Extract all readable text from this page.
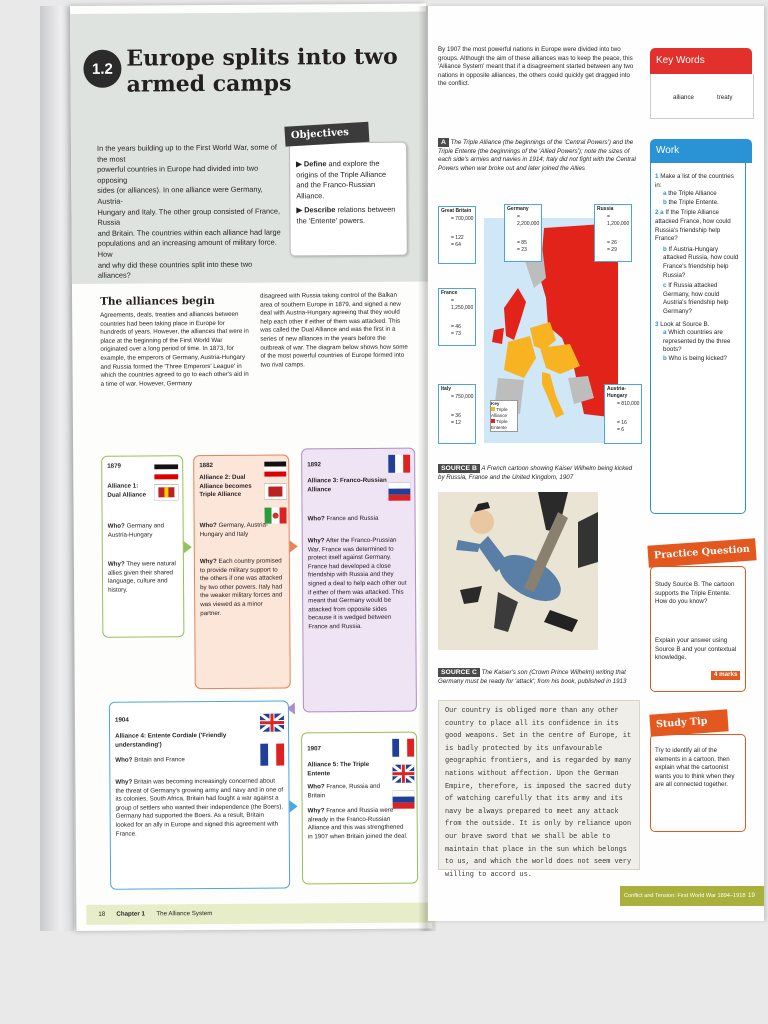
1.2 Europe splits into two armed camps
In the years building up to the First World War, some of the most
powerful countries in Europe had divided into two opposing
sides (or alliances). In one alliance were Germany, Austria-
Hungary and Italy. The other group consisted of France, Russia
and Britain. The countries within each alliance had large
populations and an increasing amount of military force. How
and why did these countries split into these two alliances?
▶ Define and explore the origins of the Triple Alliance and the Franco-Russian Alliance.
▶ Describe relations between the 'Entente' powers.
Objectives
The alliances begin
Agreements, deals, treaties and alliances between countries had been taking place in Europe for hundreds of years. However, the alliances that were in place at the beginning of the First World War originated over a long period of time. In 1873, for example, the emperors of Germany, Austria-Hungary and Russia formed the 'Three Emperors' League' in which the countries agreed to go to each other's aid in a time of war. However, Germany
disagreed with Russia taking control of the Balkan area of southern Europe in 1879, and signed a new deal with Austria-Hungary agreeing that they would help each other if either of them was attacked. This was called the Dual Alliance and was the first in a series of new alliances in the years before the outbreak of war. The diagram below shows how some of the most powerful countries of Europe formed into two rival camps.
1879
Alliance 1: Dual Alliance
Who? Germany and Austria-Hungary
Why? They were natural allies given their shared language, culture and history.
1882
Alliance 2: Dual Alliance becomes Triple Alliance
Who? Germany, Austria-Hungary and Italy
Why? Each country promised to provide military support to the others if one was attacked by two other powers. Italy had the weaker military forces and was viewed as a minor partner.
1892
Alliance 3: Franco-Russian Alliance
Who? France and Russia
Why? After the Franco-Prussian War, France was determined to protect itself against Germany. France had developed a close friendship with Russia and they signed a deal to help each other out if either of them was attacked. This meant that Germany would be attacked from opposite sides because it is wedged between France and Russia.
1904
Alliance 4: Entente Cordiale ('Friendly understanding')
Who? Britain and France
Why? Britain was becoming increasingly concerned about the threat of Germany's growing army and navy and in one of its colonies, South Africa, Britain had fought a war against a group of settlers who wanted their independence (the Boers). Germany had supported the Boers. As a result, Britain looked for an ally in Europe and signed this agreement with France.
1907
Alliance 5: The Triple Entente
Who? France, Russia and Britain
Why? France and Russia were already in the Franco-Russian Alliance and this was strengthened in 1907 when Britain joined the deal.
18 Chapter 1 The Alliance System
By 1907 the most powerful nations in Europe were divided into two groups. Although the aim of these alliances was to keep the peace, this 'Alliance System' meant that if a disagreement started between any two nations in opposite alliances, the others could quickly get dragged into the conflict.
A The Triple Alliance (the beginnings of the 'Central Powers') and the Triple Entente (the beginnings of the 'Allied Powers'); note the sizes of each side's armies and navies in 1914; Italy did not fight with the Central Powers when war broke out and later joined the Allies
Key
Triple Alliance
Triple Entente
Great Britain
= 700,000
= 122
= 64
Germany
= 2,200,000
= 85
= 23
Russia
= 1,200,000
= 26
= 29
France
= 1,250,000
= 46
= 73
Italy
= 750,000
= 36
= 12
Austria-Hungary
= 810,000
= 16
= 6
SOURCE B A French cartoon showing Kaiser Wilhelm being kicked by Russia, France and the United Kingdom, 1907
SOURCE C The Kaiser's son (Crown Prince Wilhelm) writing that Germany must be ready for 'attack'; from his book, published in 1913
Our country is obliged more than any other country to place all its confidence in its good weapons. Set in the centre of Europe, it is badly protected by its unfavourable geographic frontiers, and is regarded by many nations without affection. Upon the German Empire, therefore, is imposed the sacred duty of watching carefully that its army and its navy be always prepared to meet any attack from the outside. It is only by reliance upon our brave sword that we shall be able to maintain that place in the sun which belongs to us, and which the world does not seem very willing to accord us.
Key Words
alliance	treaty
Work
1 Make a list of the countries in:
a the Triple Alliance
b the Triple Entente.
2 a If the Triple Alliance attacked France, how could Russia's friendship help France?
b If Austria-Hungary attacked Russia, how could France's friendship help Russia?
c If Russia attacked Germany, how could Austria's friendship help Germany?
3 Look at Source B.
a Which countries are represented by the three boots?
b Who is being kicked?
Study Source B. The cartoon supports the Triple Entente. How do you know?
Explain your answer using Source B and your contextual knowledge.
4 marks
Practice Question
Try to identify all of the elements in a cartoon, then explain what the cartoonist wants you to think when they are all connected together.
Study Tip
Conflict and Tension: First World War 1894–1918 19
